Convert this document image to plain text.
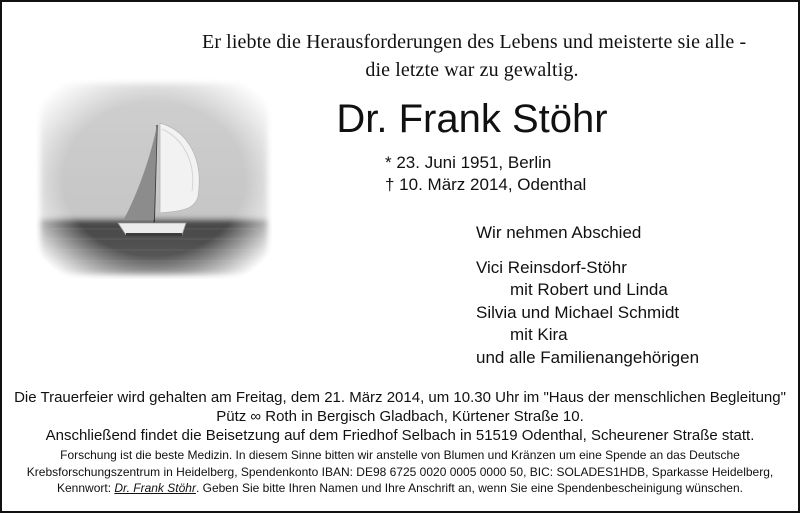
Er liebte die Herausforderungen des Lebens und meisterte sie alle -
die letzte war zu gewaltig.
Dr. Frank Stöhr
* 23. Juni 1951, Berlin
† 10. März 2014, Odenthal
Wir nehmen Abschied
Vici Reinsdorf-Stöhr
mit Robert und Linda
Silvia und Michael Schmidt
mit Kira
und alle Familienangehörigen
Die Trauerfeier wird gehalten am Freitag, dem 21. März 2014, um 10.30 Uhr im "Haus der menschlichen Begleitung"
Pütz ∞ Roth in Bergisch Gladbach, Kürtener Straße 10.
Anschließend findet die Beisetzung auf dem Friedhof Selbach in 51519 Odenthal, Scheurener Straße statt.
Forschung ist die beste Medizin. In diesem Sinne bitten wir anstelle von Blumen und Kränzen um eine Spende an das Deutsche
Krebsforschungszentrum in Heidelberg, Spendenkonto IBAN: DE98 6725 0020 0005 0000 50, BIC: SOLADES1HDB, Sparkasse Heidelberg,
Kennwort: Dr. Frank Stöhr. Geben Sie bitte Ihren Namen und Ihre Anschrift an, wenn Sie eine Spendenbescheinigung wünschen.
